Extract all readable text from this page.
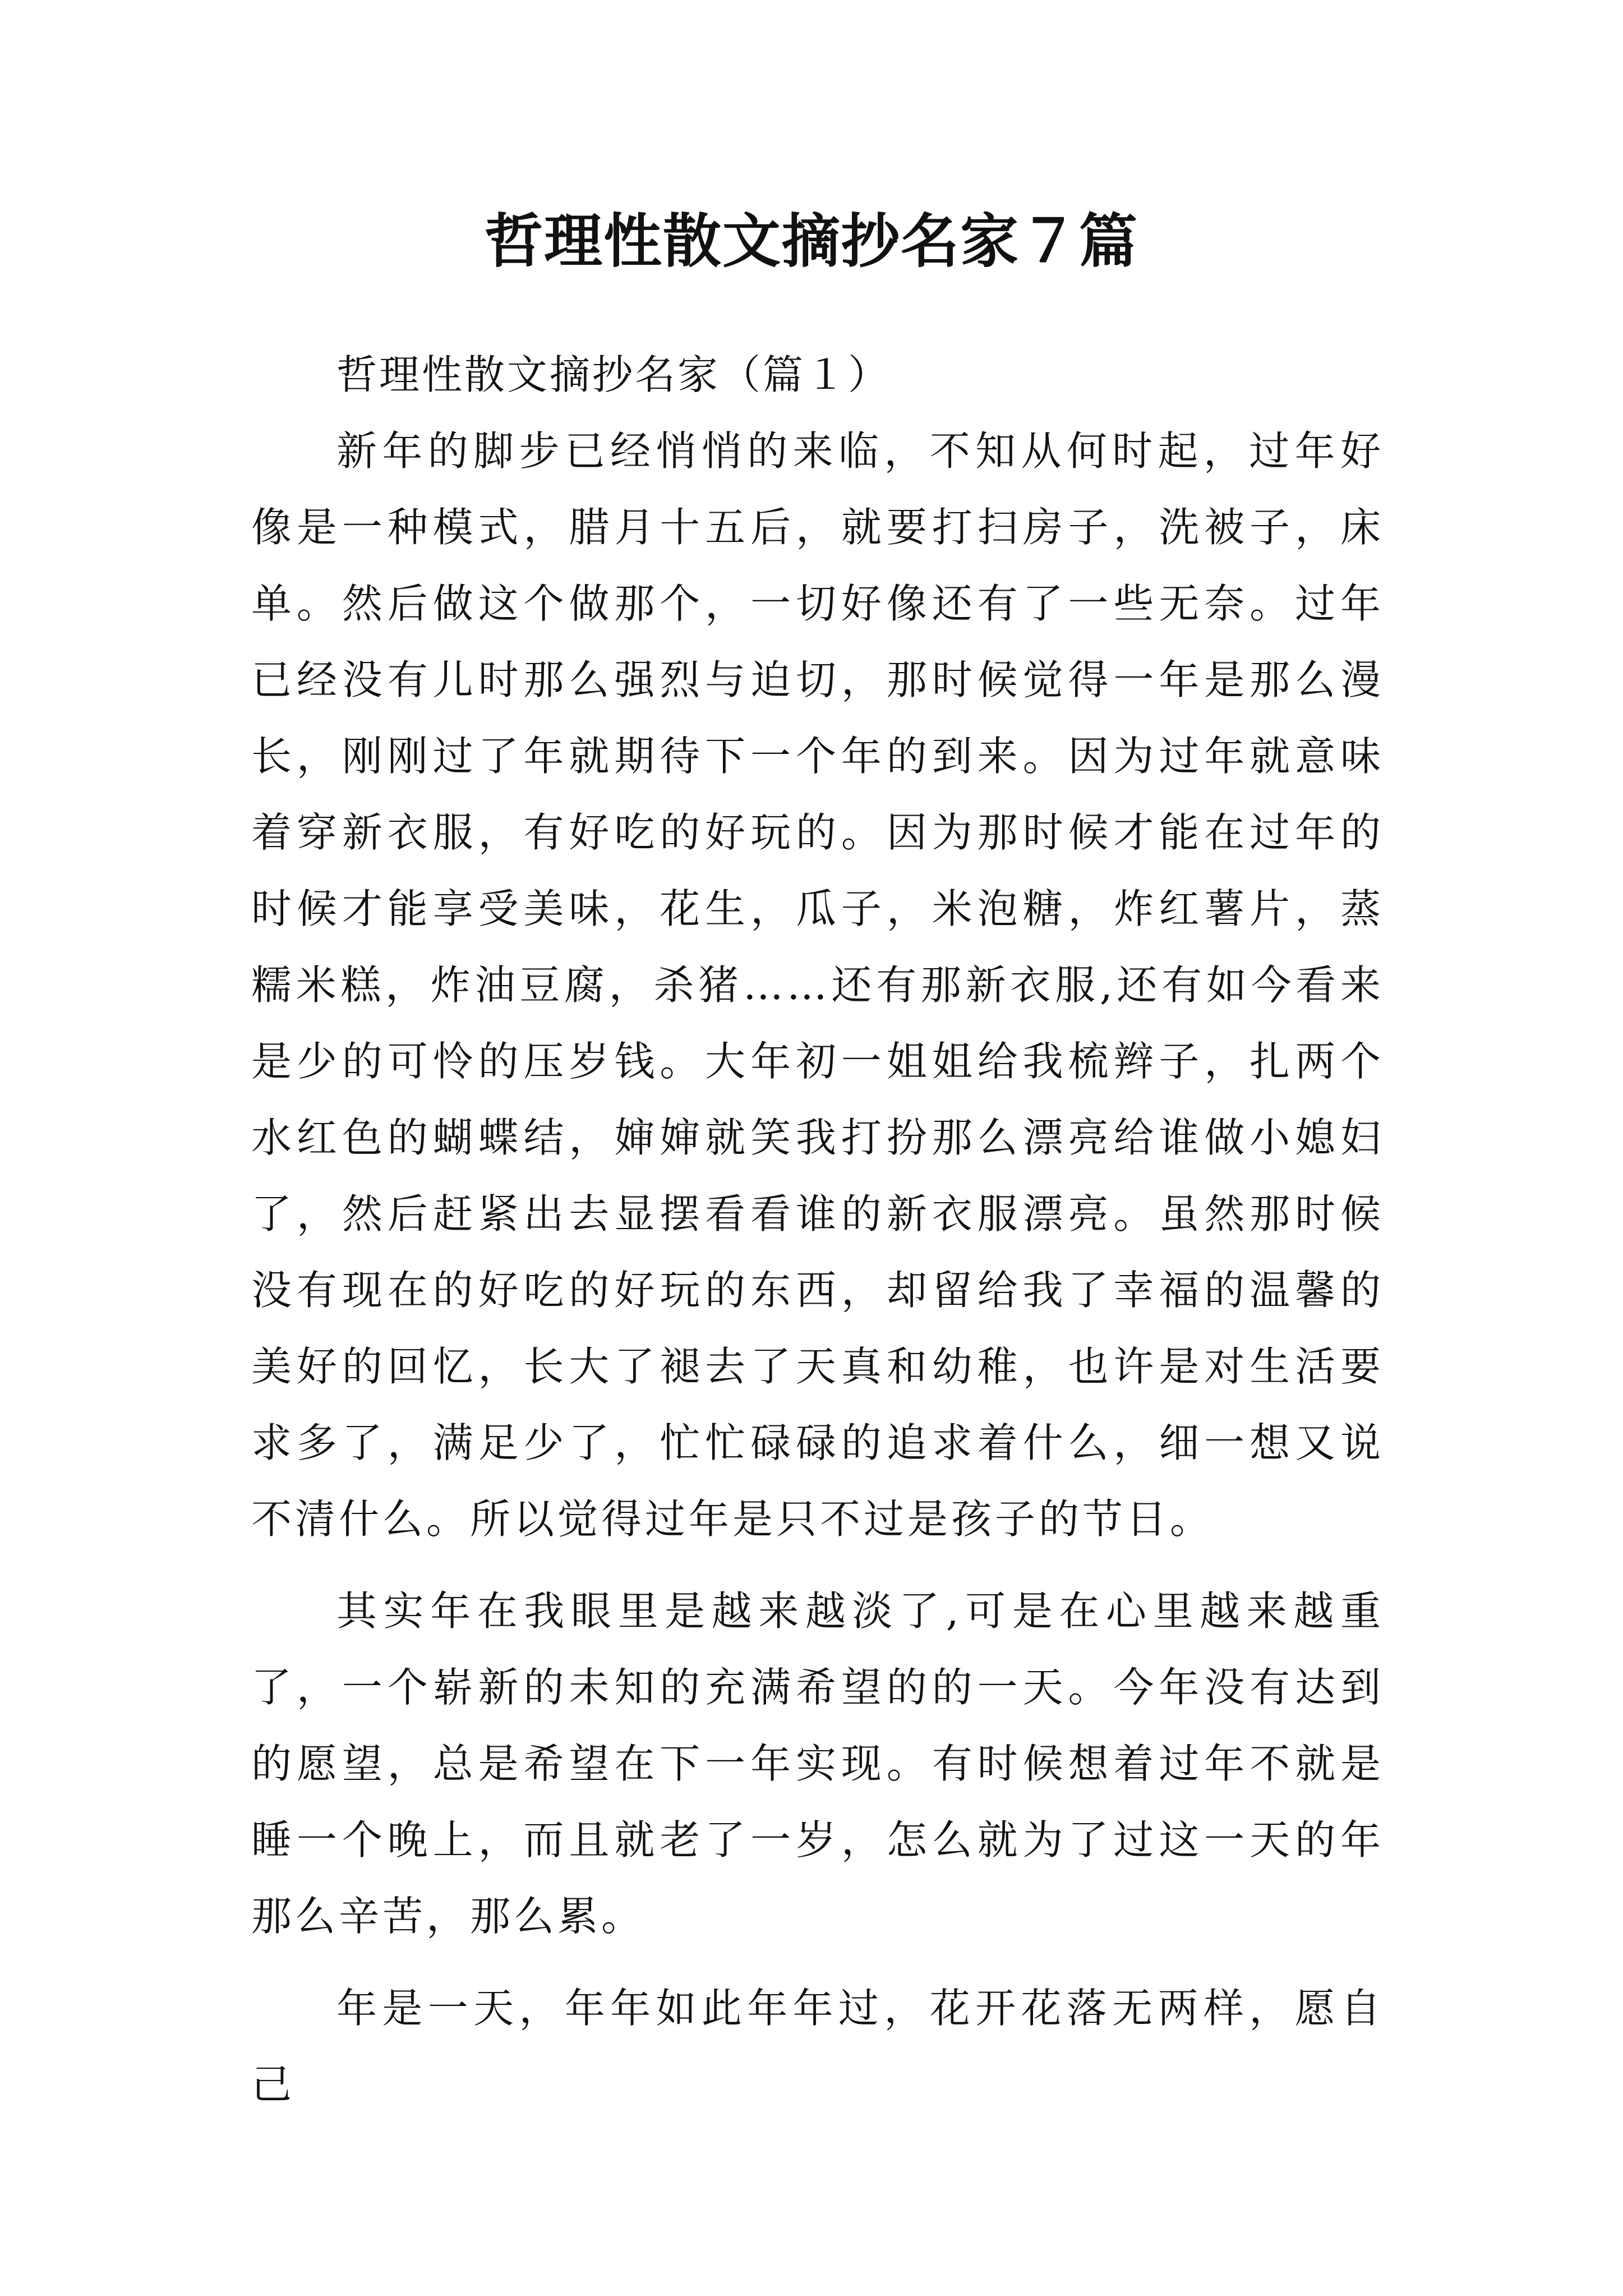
哲理性散文摘抄名家７篇

哲理性散文摘抄名家（篇１）

新年的脚步已经悄悄的来临，不知从何时起，过年好像是一种模式，腊月十五后，就要打扫房子，洗被子，床单。然后做这个做那个，一切好像还有了一些无奈。过年已经没有儿时那么强烈与迫切，那时候觉得一年是那么漫长，刚刚过了年就期待下一个年的到来。因为过年就意味着穿新衣服，有好吃的好玩的。因为那时候才能在过年的时候才能享受美味，花生，瓜子，米泡糖，炸红薯片，蒸糯米糕，炸油豆腐，杀猪……还有那新衣服,还有如今看来是少的可怜的压岁钱。大年初一姐姐给我梳辫子，扎两个水红色的蝴蝶结，婶婶就笑我打扮那么漂亮给谁做小媳妇了，然后赶紧出去显摆看看谁的新衣服漂亮。虽然那时候没有现在的好吃的好玩的东西，却留给我了幸福的温馨的美好的回忆，长大了褪去了天真和幼稚，也许是对生活要求多了，满足少了，忙忙碌碌的追求着什么，细一想又说不清什么。所以觉得过年是只不过是孩子的节日。

其实年在我眼里是越来越淡了,可是在心里越来越重了，一个崭新的未知的充满希望的的一天。今年没有达到的愿望，总是希望在下一年实现。有时候想着过年不就是睡一个晚上，而且就老了一岁，怎么就为了过这一天的年那么辛苦，那么累。

年是一天，年年如此年年过，花开花落无两样，愿自己
